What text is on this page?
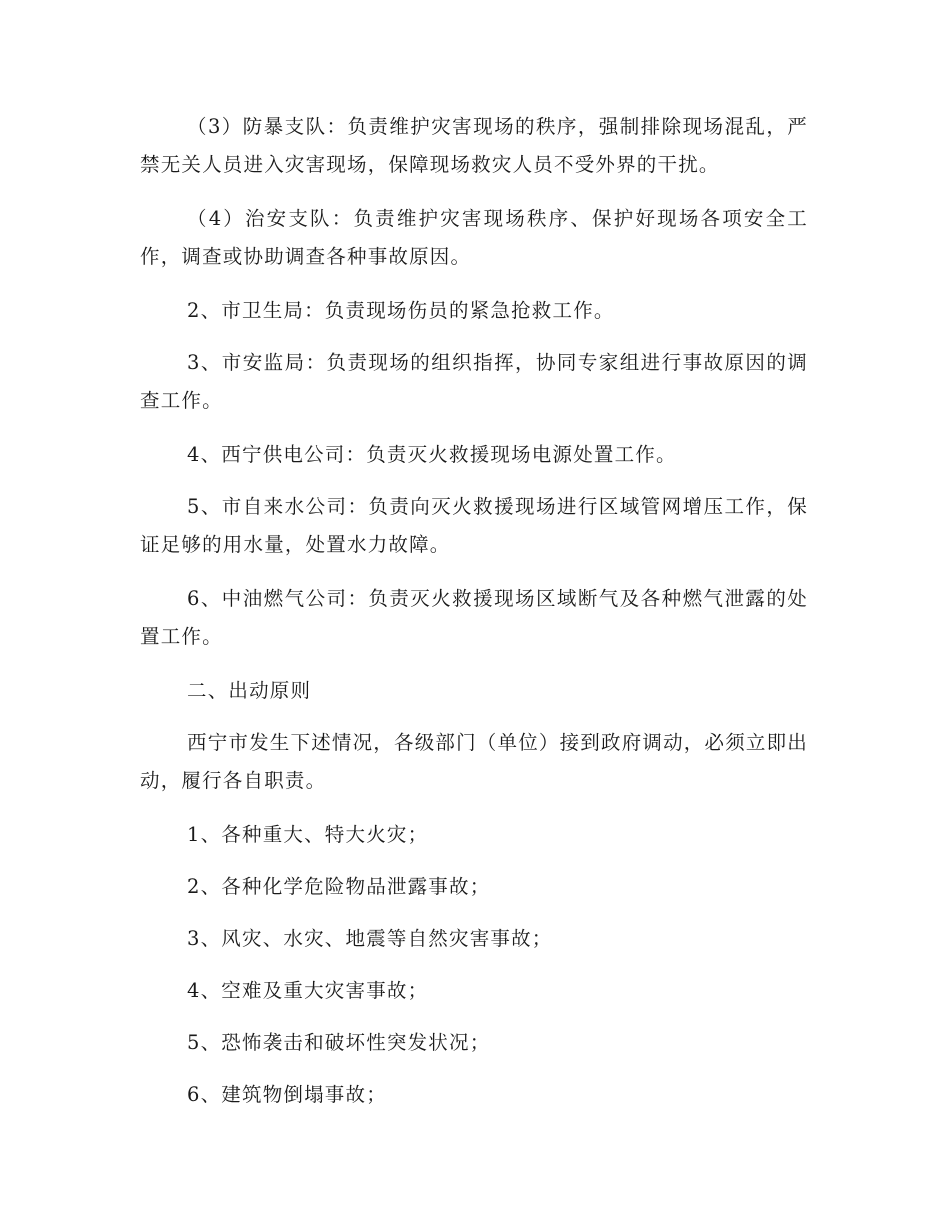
（3）防暴支队：负责维护灾害现场的秩序，强制排除现场混乱，严禁无关人员进入灾害现场，保障现场救灾人员不受外界的干扰。

（4）治安支队：负责维护灾害现场秩序、保护好现场各项安全工作，调查或协助调查各种事故原因。

2、市卫生局：负责现场伤员的紧急抢救工作。

3、市安监局：负责现场的组织指挥，协同专家组进行事故原因的调查工作。

4、西宁供电公司：负责灭火救援现场电源处置工作。

5、市自来水公司：负责向灭火救援现场进行区域管网增压工作，保证足够的用水量，处置水力故障。

6、中油燃气公司：负责灭火救援现场区域断气及各种燃气泄露的处置工作。

二、出动原则

西宁市发生下述情况，各级部门（单位）接到政府调动，必须立即出动，履行各自职责。

1、各种重大、特大火灾；

2、各种化学危险物品泄露事故；

3、风灾、水灾、地震等自然灾害事故；

4、空难及重大灾害事故；

5、恐怖袭击和破坏性突发状况；

6、建筑物倒塌事故；
